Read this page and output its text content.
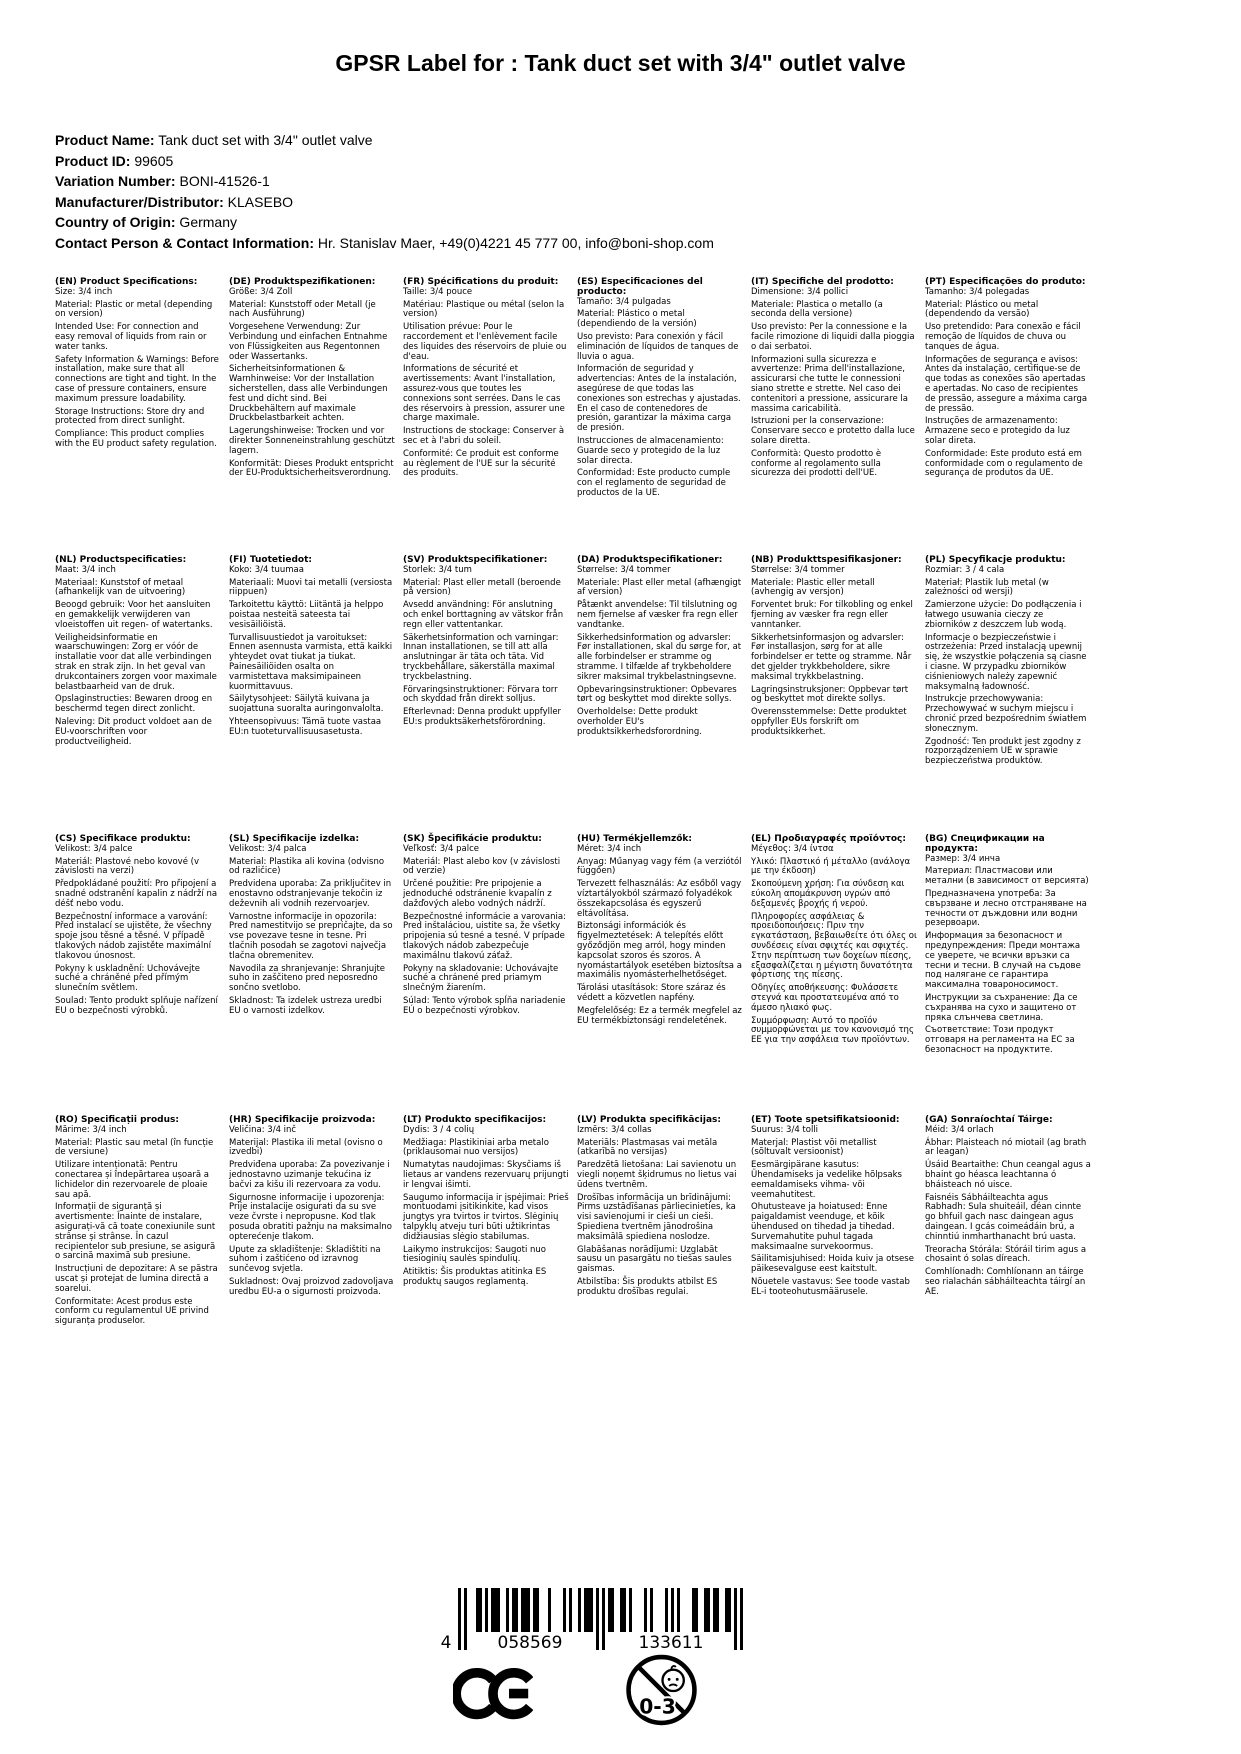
GPSR Label for : Tank duct set with 3/4" outlet valve
Product Name: Tank duct set with 3/4" outlet valve
Product ID: 99605
Variation Number: BONI-41526-1
Manufacturer/Distributor: KLASEBO
Country of Origin: Germany
Contact Person & Contact Information: Hr. Stanislav Maer, +49(0)4221 45 777 00, info@boni-shop.com
(EN) Product Specifications:

Size: 3/4 inch

Material: Plastic or metal (depending on version)

Intended Use: For connection and easy removal of liquids from rain or water tanks.

Safety Information & Warnings: Before installation, make sure that all connections are tight and tight. In the case of pressure containers, ensure maximum pressure loadability.

Storage Instructions: Store dry and protected from direct sunlight.

Compliance: This product complies with the EU product safety regulation.

(DE) Produktspezifikationen:

Größe: 3/4 Zoll

Material: Kunststoff oder Metall (je nach Ausführung)

Vorgesehene Verwendung: Zur Verbindung und einfachen Entnahme von Flüssigkeiten aus Regentonnen oder Wassertanks.

Sicherheitsinformationen & Warnhinweise: Vor der Installation sicherstellen, dass alle Verbindungen fest und dicht sind. Bei Druckbehältern auf maximale Druckbelastbarkeit achten.

Lagerungshinweise: Trocken und vor direkter Sonneneinstrahlung geschützt lagern.

Konformität: Dieses Produkt entspricht der EU-Produktsicherheitsverordnung.

(FR) Spécifications du produit:

Taille: 3/4 pouce

Matériau: Plastique ou métal (selon la version)

Utilisation prévue: Pour le raccordement et l'enlèvement facile des liquides des réservoirs de pluie ou d'eau.

Informations de sécurité et avertissements: Avant l'installation, assurez-vous que toutes les connexions sont serrées. Dans le cas des réservoirs à pression, assurer une charge maximale.

Instructions de stockage: Conserver à sec et à l'abri du soleil.

Conformité: Ce produit est conforme au règlement de l'UE sur la sécurité des produits.

(ES) Especificaciones del producto:

Tamaño: 3/4 pulgadas

Material: Plástico o metal (dependiendo de la versión)

Uso previsto: Para conexión y fácil eliminación de líquidos de tanques de lluvia o agua.

Información de seguridad y advertencias: Antes de la instalación, asegúrese de que todas las conexiones son estrechas y ajustadas. En el caso de contenedores de presión, garantizar la máxima carga de presión.

Instrucciones de almacenamiento: Guarde seco y protegido de la luz solar directa.

Conformidad: Este producto cumple con el reglamento de seguridad de productos de la UE.

(IT) Specifiche del prodotto:

Dimensione: 3/4 pollici

Materiale: Plastica o metallo (a seconda della versione)

Uso previsto: Per la connessione e la facile rimozione di liquidi dalla pioggia o dai serbatoi.

Informazioni sulla sicurezza e avvertenze: Prima dell'installazione, assicurarsi che tutte le connessioni siano strette e strette. Nel caso dei contenitori a pressione, assicurare la massima caricabilità.

Istruzioni per la conservazione: Conservare secco e protetto dalla luce solare diretta.

Conformità: Questo prodotto è conforme al regolamento sulla sicurezza dei prodotti dell'UE.

(PT) Especificações do produto:

Tamanho: 3/4 polegadas

Material: Plástico ou metal (dependendo da versão)

Uso pretendido: Para conexão e fácil remoção de líquidos de chuva ou tanques de água.

Informações de segurança e avisos: Antes da instalação, certifique-se de que todas as conexões são apertadas e apertadas. No caso de recipientes de pressão, assegure a máxima carga de pressão.

Instruções de armazenamento: Armazene seco e protegido da luz solar direta.

Conformidade: Este produto está em conformidade com o regulamento de segurança de produtos da UE.

(NL) Productspecificaties:

Maat: 3/4 inch

Materiaal: Kunststof of metaal (afhankelijk van de uitvoering)

Beoogd gebruik: Voor het aansluiten en gemakkelijk verwijderen van vloeistoffen uit regen- of watertanks.

Veiligheidsinformatie en waarschuwingen: Zorg er vóór de installatie voor dat alle verbindingen strak en strak zijn. In het geval van drukcontainers zorgen voor maximale belastbaarheid van de druk.

Opslaginstructies: Bewaren droog en beschermd tegen direct zonlicht.

Naleving: Dit product voldoet aan de EU-voorschriften voor productveiligheid.

(FI) Tuotetiedot:

Koko: 3/4 tuumaa

Materiaali: Muovi tai metalli (versiosta riippuen)

Tarkoitettu käyttö: Liitäntä ja helppo poistaa nesteitä sateesta tai vesisäiliöistä.

Turvallisuustiedot ja varoitukset: Ennen asennusta varmista, että kaikki yhteydet ovat tiukat ja tiukat. Painesäiliöiden osalta on varmistettava maksimipaineen kuormittavuus.

Säilytysohjeet: Säilytä kuivana ja suojattuna suoralta auringonvalolta.

Yhteensopivuus: Tämä tuote vastaa EU:n tuoteturvallisuusasetusta.

(SV) Produktspecifikationer:

Storlek: 3/4 tum

Material: Plast eller metall (beroende på version)

Avsedd användning: För anslutning och enkel borttagning av vätskor från regn eller vattentankar.

Säkerhetsinformation och varningar: Innan installationen, se till att alla anslutningar är täta och täta. Vid tryckbehållare, säkerställa maximal tryckbelastning.

Förvaringsinstruktioner: Förvara torr och skyddad från direkt solljus.

Efterlevnad: Denna produkt uppfyller EU:s produktsäkerhetsförordning.

(DA) Produktspecifikationer:

Størrelse: 3/4 tommer

Materiale: Plast eller metal (afhængigt af version)

Påtænkt anvendelse: Til tilslutning og nem fjernelse af væsker fra regn eller vandtanke.

Sikkerhedsinformation og advarsler: Før installationen, skal du sørge for, at alle forbindelser er stramme og stramme. I tilfælde af trykbeholdere sikrer maksimal trykbelastningsevne.

Opbevaringsinstruktioner: Opbevares tørt og beskyttet mod direkte sollys.

Overholdelse: Dette produkt overholder EU's produktsikkerhedsforordning.

(NB) Produkttspesifikasjoner:

Størrelse: 3/4 tommer

Materiale: Plastic eller metall (avhengig av versjon)

Forventet bruk: For tilkobling og enkel fjerning av væsker fra regn eller vanntanker.

Sikkerhetsinformasjon og advarsler: Før installasjon, sørg for at alle forbindelser er tette og stramme. Når det gjelder trykkbeholdere, sikre maksimal trykkbelastning.

Lagringsinstruksjoner: Oppbevar tørt og beskyttet mot direkte sollys.

Overensstemmelse: Dette produktet oppfyller EUs forskrift om produktsikkerhet.

(PL) Specyfikacje produktu:

Rozmiar: 3 / 4 cala

Materiał: Plastik lub metal (w zależności od wersji)

Zamierzone użycie: Do podłączenia i łatwego usuwania cieczy ze zbiorników z deszczem lub wodą.

Informacje o bezpieczeństwie i ostrzeżenia: Przed instalacją upewnij się, że wszystkie połączenia są ciasne i ciasne. W przypadku zbiorników ciśnieniowych należy zapewnić maksymalną ładowność.

Instrukcje przechowywania: Przechowywać w suchym miejscu i chronić przed bezpośrednim światłem słonecznym.

Zgodność: Ten produkt jest zgodny z rozporządzeniem UE w sprawie bezpieczeństwa produktów.

(CS) Specifikace produktu:

Velikost: 3/4 palce

Materiál: Plastové nebo kovové (v závislosti na verzi)

Předpokládané použití: Pro připojení a snadné odstranění kapalin z nádrží na déšť nebo vodu.

Bezpečnostní informace a varování: Před instalací se ujistěte, že všechny spoje jsou těsné a těsné. V případě tlakových nádob zajistěte maximální tlakovou únosnost.

Pokyny k uskladnění: Uchovávejte suché a chráněné před přímým slunečním světlem.

Soulad: Tento produkt splňuje nařízení EU o bezpečnosti výrobků.

(SL) Specifikacije izdelka:

Velikost: 3/4 palca

Material: Plastika ali kovina (odvisno od različice)

Predvidena uporaba: Za priključitev in enostavno odstranjevanje tekočin iz deževnih ali vodnih rezervoarjev.

Varnostne informacije in opozorila: Pred namestitvijo se prepričajte, da so vse povezave tesne in tesne. Pri tlačnih posodah se zagotovi največja tlačna obremenitev.

Navodila za shranjevanje: Shranjujte suho in zaščiteno pred neposredno sončno svetlobo.

Skladnost: Ta izdelek ustreza uredbi EU o varnosti izdelkov.

(SK) Špecifikácie produktu:

Veľkosť: 3/4 palce

Materiál: Plast alebo kov (v závislosti od verzie)

Určené použitie: Pre pripojenie a jednoduché odstránenie kvapalín z dažďových alebo vodných nádrží.

Bezpečnostné informácie a varovania: Pred inštaláciou, uistite sa, že všetky pripojenia sú tesné a tesné. V prípade tlakových nádob zabezpečuje maximálnu tlakovú záťaž.

Pokyny na skladovanie: Uchovávajte suché a chránené pred priamym slnečným žiarením.

Súlad: Tento výrobok spĺňa nariadenie EÚ o bezpečnosti výrobkov.

(HU) Termékjellemzők:

Méret: 3/4 inch

Anyag: Műanyag vagy fém (a verziótól függően)

Tervezett felhasználás: Az esőből vagy víztartályokból származó folyadékok összekapcsolása és egyszerű eltávolítása.

Biztonsági információk és figyelmeztetések: A telepítés előtt győződjön meg arról, hogy minden kapcsolat szoros és szoros. A nyomástartályok esetében biztosítsa a maximális nyomásterhelhetőséget.

Tárolási utasítások: Store száraz és védett a közvetlen napfény.

Megfelelőség: Ez a termék megfelel az EU termékbiztonsági rendeletének.

(EL) Προδιαγραφές προϊόντος:

Μέγεθος: 3/4 ίντσα

Υλικό: Πλαστικό ή μέταλλο (ανάλογα με την έκδοση)

Σκοπούμενη χρήση: Για σύνδεση και εύκολη απομάκρυνση υγρών από δεξαμενές βροχής ή νερού.

Πληροφορίες ασφάλειας & προειδοποιήσεις: Πριν την εγκατάσταση, βεβαιωθείτε ότι όλες οι συνδέσεις είναι σφιχτές και σφιχτές. Στην περίπτωση των δοχείων πίεσης, εξασφαλίζεται η μέγιστη δυνατότητα φόρτισης της πίεσης.

Οδηγίες αποθήκευσης: Φυλάσσετε στεγνά και προστατευμένα από το άμεσο ηλιακό φως.

Συμμόρφωση: Αυτό το προϊόν συμμορφώνεται με τον κανονισμό της ΕΕ για την ασφάλεια των προϊόντων.

(BG) Спецификации на продукта:

Размер: 3/4 инча

Материал: Пластмасови или метални (в зависимост от версията)

Предназначена употреба: За свързване и лесно отстраняване на течности от дъждовни или водни резервоари.

Информация за безопасност и предупреждения: Преди монтажа се уверете, че всички връзки са тесни и тесни. В случай на съдове под налягане се гарантира максимална товароносимост.

Инструкции за съхранение: Да се съхранява на сухо и защитено от пряка слънчева светлина.

Съответствие: Този продукт отговаря на регламента на ЕС за безопасност на продуктите.

(RO) Specificații produs:

Mărime: 3/4 inch

Material: Plastic sau metal (în funcție de versiune)

Utilizare intenționată: Pentru conectarea și îndepărtarea ușoară a lichidelor din rezervoarele de ploaie sau apă.

Informații de siguranță și avertismente: Înainte de instalare, asigurați-vă că toate conexiunile sunt strânse și strânse. În cazul recipientelor sub presiune, se asigură o sarcină maximă sub presiune.

Instrucțiuni de depozitare: A se păstra uscat și protejat de lumina directă a soarelui.

Conformitate: Acest produs este conform cu regulamentul UE privind siguranța produselor.

(HR) Specifikacije proizvoda:

Veličina: 3/4 inč

Materijal: Plastika ili metal (ovisno o izvedbi)

Predviđena uporaba: Za povezivanje i jednostavno uzimanje tekućina iz bačvi za kišu ili rezervoara za vodu.

Sigurnosne informacije i upozorenja: Prije instalacije osigurati da su sve veze čvrste i nepropusne. Kod tlak posuda obratiti pažnju na maksimalno opterećenje tlakom.

Upute za skladištenje: Skladištiti na suhom i zaštićeno od izravnog sunčevog svjetla.

Sukladnost: Ovaj proizvod zadovoljava uredbu EU-a o sigurnosti proizvoda.

(LT) Produkto specifikacijos:

Dydis: 3 / 4 colių

Medžiaga: Plastikiniai arba metalo (priklausomai nuo versijos)

Numatytas naudojimas: Skysčiams iš lietaus ar vandens rezervuarų prijungti ir lengvai išimti.

Saugumo informacija ir įspėjimai: Prieš montuodami įsitikinkite, kad visos jungtys yra tvirtos ir tvirtos. Slėginių talpyklų atveju turi būti užtikrintas didžiausias slėgio stabilumas.

Laikymo instrukcijos: Saugoti nuo tiesioginių saulės spindulių.

Atitiktis: Šis produktas atitinka ES produktų saugos reglamentą.

(LV) Produkta specifikācijas:

Izmērs: 3/4 collas

Materiāls: Plastmasas vai metāla (atkarībā no versijas)

Paredzētā lietošana: Lai savienotu un viegli noņemt šķidrumus no lietus vai ūdens tvertnēm.

Drošības informācija un brīdinājumi: Pirms uzstādīšanas pārliecinieties, ka visi savienojumi ir cieši un cieši. Spiediena tvertnēm jānodrošina maksimālā spiediena noslodze.

Glabāšanas norādījumi: Uzglabāt sausu un pasargātu no tiešas saules gaismas.

Atbilstība: Šis produkts atbilst ES produktu drošības regulai.

(ET) Toote spetsifikatsioonid:

Suurus: 3/4 tolli

Materjal: Plastist või metallist (sõltuvalt versioonist)

Eesmärgipärane kasutus: Ühendamiseks ja vedelike hõlpsaks eemaldamiseks vihma- või veemahutitest.

Ohutusteave ja hoiatused: Enne paigaldamist veenduge, et kõik ühendused on tihedad ja tihedad. Survemahutite puhul tagada maksimaalne survekoormus.

Säilitamisjuhised: Hoida kuiv ja otsese päikesevalguse eest kaitstult.

Nõuetele vastavus: See toode vastab EL-i tooteohutusmäärusele.

(GA) Sonraíochtaí Táirge:

Méid: 3/4 orlach

Ábhar: Plaisteach nó miotail (ag brath ar leagan)

Úsáid Beartaithe: Chun ceangal agus a bhaint go héasca leachtanna ó bháisteach nó uisce.

Faisnéis Sábháilteachta agus Rabhadh: Sula shuiteáil, déan cinnte go bhfuil gach nasc daingean agus daingean. I gcás coimeádáin brú, a chinntiú inmharthanacht brú uasta.

Treoracha Stórála: Stóráil tirim agus a chosaint ó solas díreach.

Comhlíonadh: Comhlíonann an táirge seo rialachán sábháilteachta táirgí an AE.

4	058569	133611
0-3
